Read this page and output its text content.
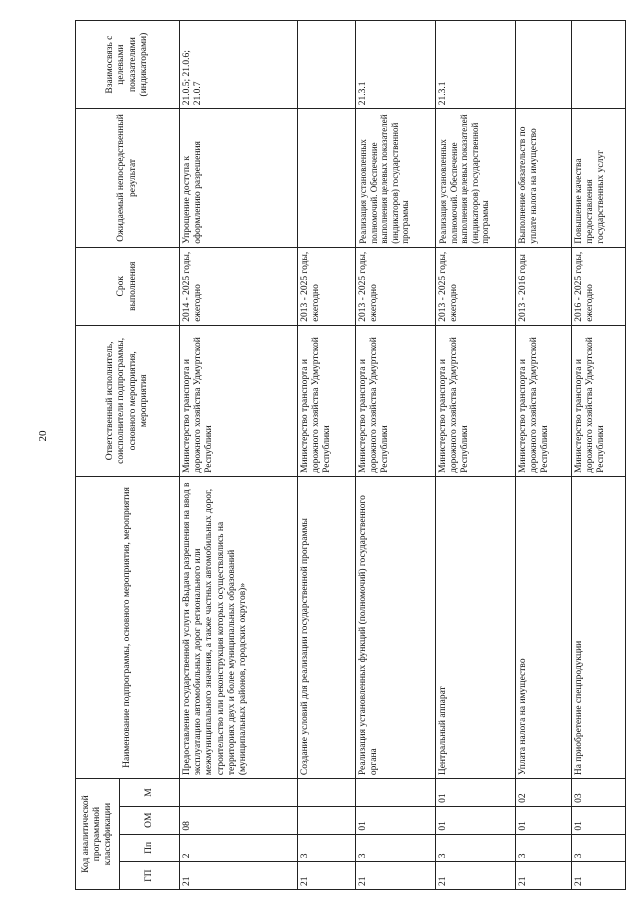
20
Код аналитической программной классификации				Наименование подпрограммы, основного мероприятия, мероприятия	Ответственный исполнитель, соисполнители подпрограммы, основного мероприятия, мероприятия	Срок выполнения	Ожидаемый непосредственный результат	Взаимосвязь с целевыми показателями (индикаторами)
ГП	Пп	ОМ	М					
21	2	08		Предоставление государственной услуги «Выдача разрешения на ввод в эксплуатацию автомобильных дорог регионального или межмуниципального значения, а также частных автомобильных дорог, строительство или реконструкция которых осуществлялись на территориях двух и более муниципальных образований (муниципальных районов, городских округов)»	Министерство транспорта и дорожного хозяйства Удмуртской Республики	2014 - 2025 годы, ежегодно	Упрощение доступа к оформлению разрешения	21.0.5; 21.0.6; 21.0.7
21	3			Создание условий для реализации государственной программы	Министерство транспорта и дорожного хозяйства Удмуртской Республики	2013 - 2025 годы, ежегодно		
21	3	01		Реализация установленных функций (полномочий) государственного органа	Министерство транспорта и дорожного хозяйства Удмуртской Республики	2013 - 2025 годы, ежегодно	Реализация установленных полномочий. Обеспечение выполнения целевых показателей (индикаторов) государственной программы	21.3.1
21	3	01	01	Центральный аппарат	Министерство транспорта и дорожного хозяйства Удмуртской Республики	2013 - 2025 годы, ежегодно	Реализация установленных полномочий. Обеспечение выполнения целевых показателей (индикаторов) государственной программы	21.3.1
21	3	01	02	Уплата налога на имущество	Министерство транспорта и дорожного хозяйства Удмуртской Республики	2013 - 2016 годы	Выполнение обязательств по уплате налога на имущество	
21	3	01	03	На приобретение спецпродукции	Министерство транспорта и дорожного хозяйства Удмуртской Республики	2016 - 2025 годы, ежегодно	Повышение качества предоставления государственных услуг	
